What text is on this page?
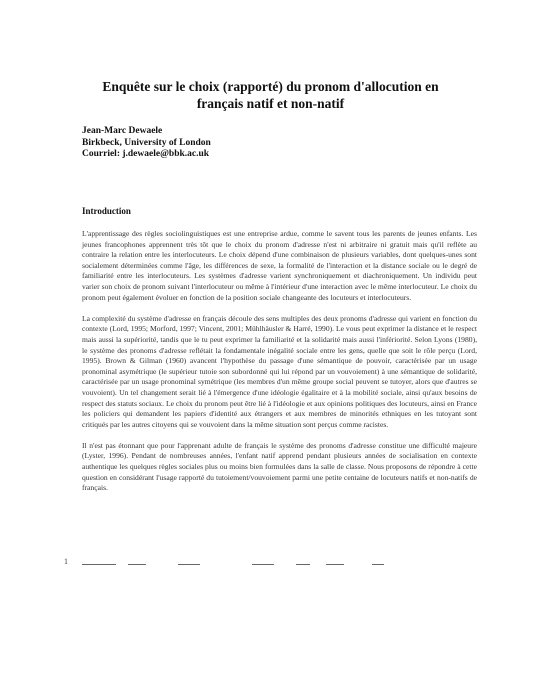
Enquête sur le choix (rapporté) du pronom d'allocution en
français natif et non-natif
Jean-Marc Dewaele
Birkbeck, University of London
Courriel: j.dewaele@bbk.ac.uk
Introduction

L'apprentissage des règles sociolinguistiques est une entreprise ardue, comme le savent tous les parents de jeunes enfants. Les jeunes francophones apprennent très tôt que le choix du pronom d'adresse n'est ni arbitraire ni gratuit mais qu'il reflète au contraire la relation entre les interlocuteurs. Le choix dépend d'une combinaison de plusieurs variables, dont quelques-unes sont socialement déterminées comme l'âge, les différences de sexe, la formalité de l'interaction et la distance sociale ou le degré de familiarité entre les interlocuteurs. Les systèmes d'adresse varient synchroniquement et diachroniquement. Un individu peut varier son choix de pronom suivant l'interlocuteur ou même à l'intérieur d'une interaction avec le même interlocuteur. Le choix du pronom peut également évoluer en fonction de la position sociale changeante des locuteurs et interlocuteurs.

La complexité du système d'adresse en français découle des sens multiples des deux pronoms d'adresse qui varient en fonction du contexte (Lord, 1995; Morford, 1997; Vincent, 2001; Mühlhäusler & Harré, 1990). Le vous peut exprimer la distance et le respect mais aussi la supériorité, tandis que le tu peut exprimer la familiarité et la solidarité mais aussi l'infériorité. Selon Lyons (1980), le système des pronoms d'adresse reflétait la fondamentale inégalité sociale entre les gens, quelle que soit le rôle perçu (Lord, 1995). Brown & Gilman (1960) avancent l'hypothèse du passage d'une sémantique de pouvoir, caractérisée par un usage pronominal asymétrique (le supérieur tutoie son subordonné qui lui répond par un vouvoiement) à une sémantique de solidarité, caractérisée par un usage pronominal symétrique (les membres d'un même groupe social peuvent se tutoyer, alors que d'autres se vouvoient). Un tel changement serait lié à l'émergence d'une idéologie égalitaire et à la mobilité sociale, ainsi qu'aux besoins de respect des statuts sociaux. Le choix du pronom peut être lié à l'idéologie et aux opinions politiques des locuteurs, ainsi en France les policiers qui demandent les papiers d'identité aux étrangers et aux membres de minorités ethniques en les tutoyant sont critiqués par les autres citoyens qui se vouvoient dans la même situation sont perçus comme racistes.

Il n'est pas étonnant que pour l'apprenant adulte de français le système des pronoms d'adresse constitue une difficulté majeure (Lyster, 1996). Pendant de nombreuses années, l'enfant natif apprend pendant plusieurs années de socialisation en contexte authentique les quelques règles sociales plus ou moins bien formulées dans la salle de classe. Nous proposons de répondre à cette question en considérant l'usage rapporté du tutoiement/vouvoiement parmi une petite centaine de locuteurs natifs et non-natifs de français.

1
